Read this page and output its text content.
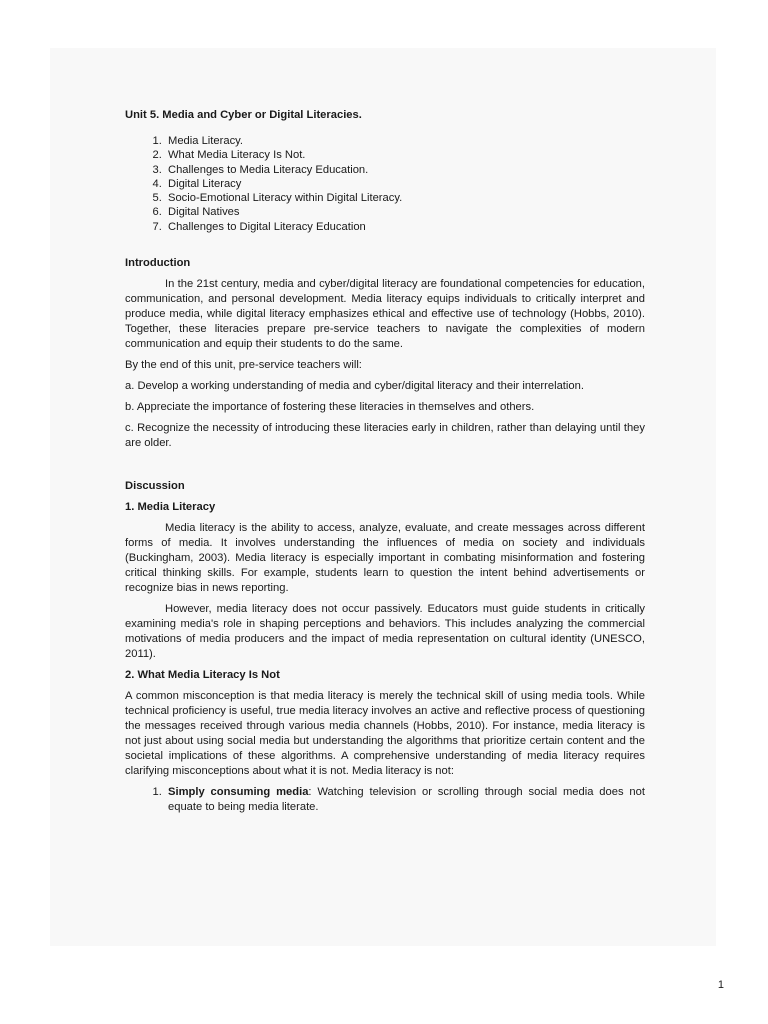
Unit 5. Media and Cyber or Digital Literacies.
1. Media Literacy.
2. What Media Literacy Is Not.
3. Challenges to Media Literacy Education.
4. Digital Literacy
5. Socio-Emotional Literacy within Digital Literacy.
6. Digital Natives
7. Challenges to Digital Literacy Education
Introduction

In the 21st century, media and cyber/digital literacy are foundational competencies for education, communication, and personal development. Media literacy equips individuals to critically interpret and produce media, while digital literacy emphasizes ethical and effective use of technology (Hobbs, 2010). Together, these literacies prepare pre-service teachers to navigate the complexities of modern communication and equip their students to do the same.

By the end of this unit, pre-service teachers will:

a. Develop a working understanding of media and cyber/digital literacy and their interrelation.

b. Appreciate the importance of fostering these literacies in themselves and others.

c. Recognize the necessity of introducing these literacies early in children, rather than delaying until they are older.

Discussion
1. Media Literacy

Media literacy is the ability to access, analyze, evaluate, and create messages across different forms of media. It involves understanding the influences of media on society and individuals (Buckingham, 2003). Media literacy is especially important in combating misinformation and fostering critical thinking skills. For example, students learn to question the intent behind advertisements or recognize bias in news reporting.

However, media literacy does not occur passively. Educators must guide students in critically examining media's role in shaping perceptions and behaviors. This includes analyzing the commercial motivations of media producers and the impact of media representation on cultural identity (UNESCO, 2011).

2. What Media Literacy Is Not

A common misconception is that media literacy is merely the technical skill of using media tools. While technical proficiency is useful, true media literacy involves an active and reflective process of questioning the messages received through various media channels (Hobbs, 2010). For instance, media literacy is not just about using social media but understanding the algorithms that prioritize certain content and the societal implications of these algorithms. A comprehensive understanding of media literacy requires clarifying misconceptions about what it is not. Media literacy is not:

1. Simply consuming media: Watching television or scrolling through social media does not equate to being media literate.
1
